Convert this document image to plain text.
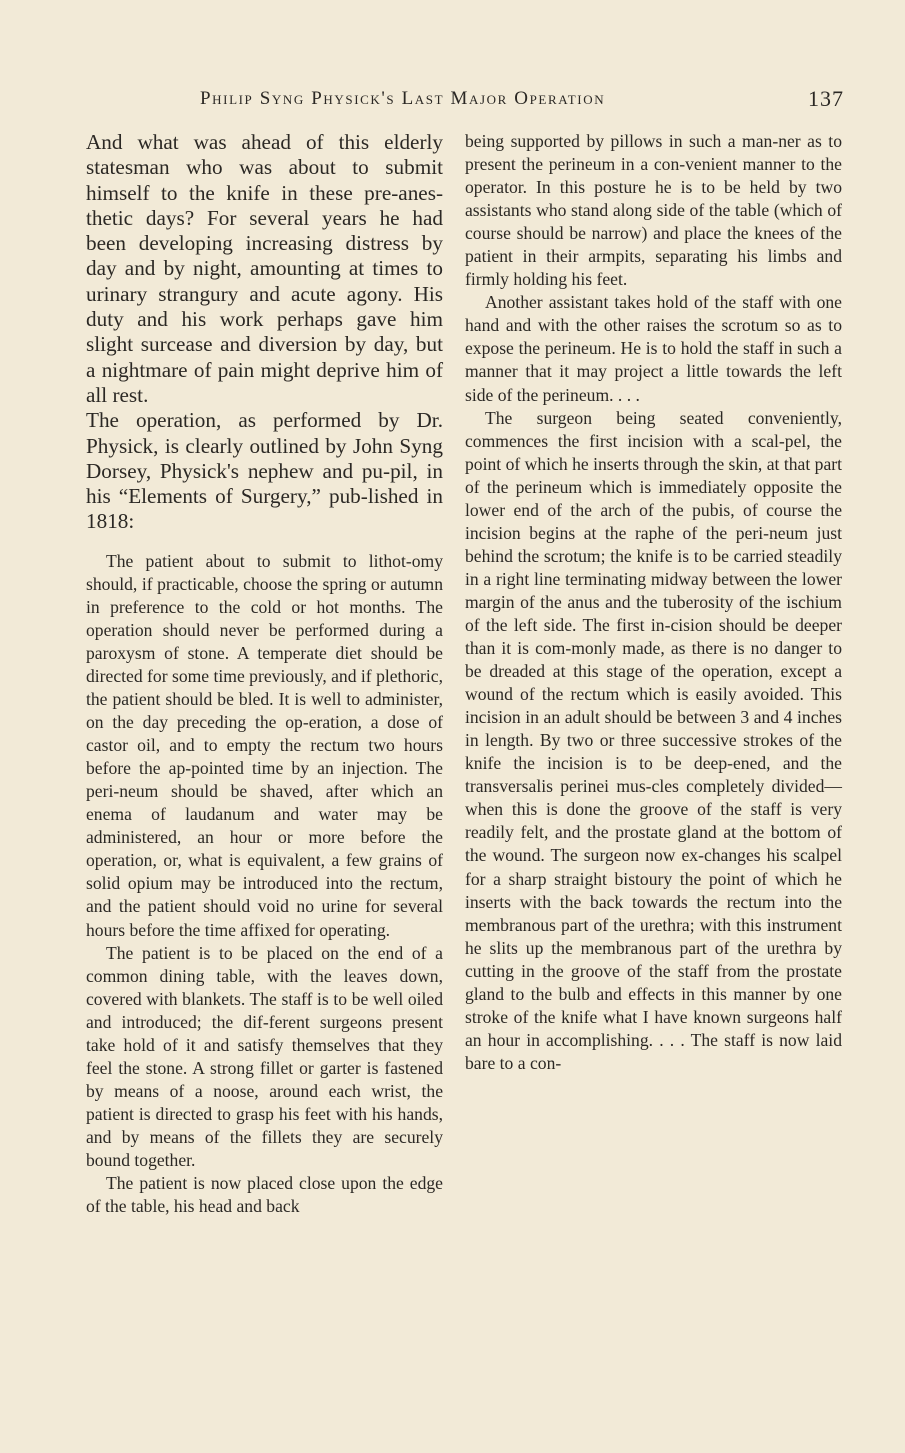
Philip Syng Physick's Last Major Operation	137

And what was ahead of this elderly statesman who was about to submit himself to the knife in these pre-anes-thetic days? For several years he had been developing increasing distress by day and by night, amounting at times to urinary strangury and acute agony. His duty and his work perhaps gave him slight surcease and diversion by day, but a nightmare of pain might deprive him of all rest.

The operation, as performed by Dr. Physick, is clearly outlined by John Syng Dorsey, Physick's nephew and pu-pil, in his “Elements of Surgery,” pub-lished in 1818:

The patient about to submit to lithot-omy should, if practicable, choose the spring or autumn in preference to the cold or hot months. The operation should never be performed during a paroxysm of stone. A temperate diet should be directed for some time previously, and if plethoric, the patient should be bled. It is well to administer, on the day preceding the op-eration, a dose of castor oil, and to empty the rectum two hours before the ap-pointed time by an injection. The peri-neum should be shaved, after which an enema of laudanum and water may be administered, an hour or more before the operation, or, what is equivalent, a few grains of solid opium may be introduced into the rectum, and the patient should void no urine for several hours before the time affixed for operating.

The patient is to be placed on the end of a common dining table, with the leaves down, covered with blankets. The staff is to be well oiled and introduced; the dif-ferent surgeons present take hold of it and satisfy themselves that they feel the stone. A strong fillet or garter is fastened by means of a noose, around each wrist, the patient is directed to grasp his feet with his hands, and by means of the fillets they are securely bound together.

The patient is now placed close upon the edge of the table, his head and back

being supported by pillows in such a man-ner as to present the perineum in a con-venient manner to the operator. In this posture he is to be held by two assistants who stand along side of the table (which of course should be narrow) and place the knees of the patient in their armpits, separating his limbs and firmly holding his feet.

Another assistant takes hold of the staff with one hand and with the other raises the scrotum so as to expose the perineum. He is to hold the staff in such a manner that it may project a little towards the left side of the perineum. . . .

The surgeon being seated conveniently, commences the first incision with a scal-pel, the point of which he inserts through the skin, at that part of the perineum which is immediately opposite the lower end of the arch of the pubis, of course the incision begins at the raphe of the peri-neum just behind the scrotum; the knife is to be carried steadily in a right line terminating midway between the lower margin of the anus and the tuberosity of the ischium of the left side. The first in-cision should be deeper than it is com-monly made, as there is no danger to be dreaded at this stage of the operation, except a wound of the rectum which is easily avoided. This incision in an adult should be between 3 and 4 inches in length. By two or three successive strokes of the knife the incision is to be deep-ened, and the transversalis perinei mus-cles completely divided—when this is done the groove of the staff is very readily felt, and the prostate gland at the bottom of the wound. The surgeon now ex-changes his scalpel for a sharp straight bistoury the point of which he inserts with the back towards the rectum into the membranous part of the urethra; with this instrument he slits up the membranous part of the urethra by cutting in the groove of the staff from the prostate gland to the bulb and effects in this manner by one stroke of the knife what I have known surgeons half an hour in accomplishing. . . . The staff is now laid bare to a con-
